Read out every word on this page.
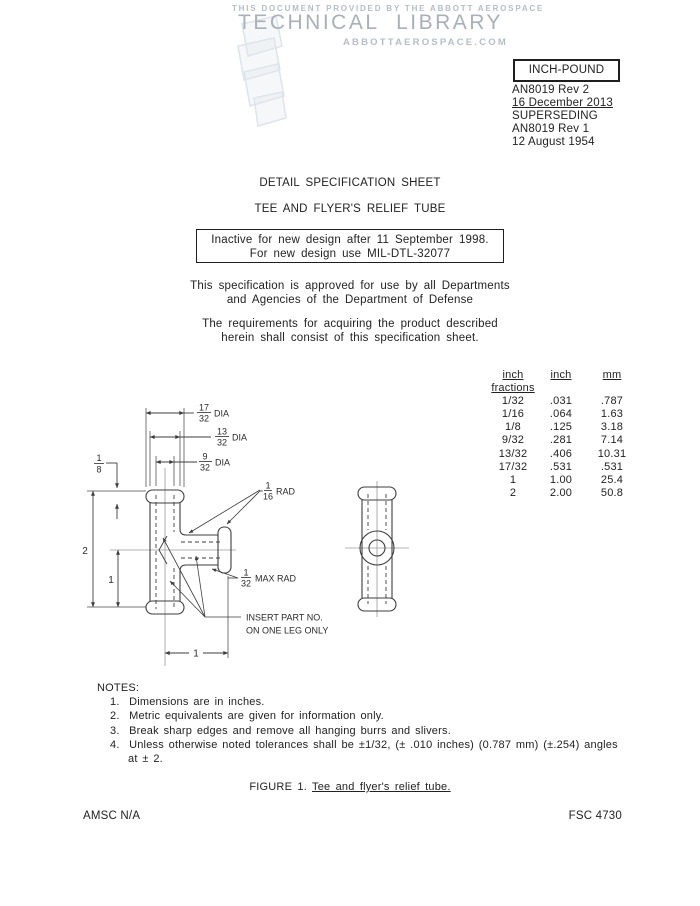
THIS DOCUMENT PROVIDED BY THE ABBOTT AEROSPACE
TECHNICAL LIBRARY
ABBOTTAEROSPACE.COM
INCH-POUND
AN8019 Rev 2
16 December 2013
SUPERSEDING
AN8019 Rev 1
12 August 1954
DETAIL SPECIFICATION SHEET
TEE AND FLYER'S RELIEF TUBE
Inactive for new design after 11 September 1998.
For new design use MIL-DTL-32077
This specification is approved for use by all Departments
and Agencies of the Department of Defense
The requirements for acquiring the product described
herein shall consist of this specification sheet.
inch	inch	mm
fractions
1/32	.031	.787
1/16	.064	1.63
1/8	.125	3.18
9/32	.281	7.14
13/32	.406	10.31
17/32	.531	.531
1	1.00	25.4
2	2.00	50.8
17
32 DIA
13
32 DIA
9
32 DIA
1
8
2
1
1
1
16 RAD
1
32 MAX RAD
INSERT PART NO.
ON ONE LEG ONLY
NOTES:
1. Dimensions are in inches.
2. Metric equivalents are given for information only.
3. Break sharp edges and remove all hanging burrs and slivers.
4. Unless otherwise noted tolerances shall be ±1/32, (± .010 inches) (0.787 mm) (±.254) angles at ± 2.
FIGURE 1. Tee and flyer's relief tube.
AMSC N/A	FSC 4730
